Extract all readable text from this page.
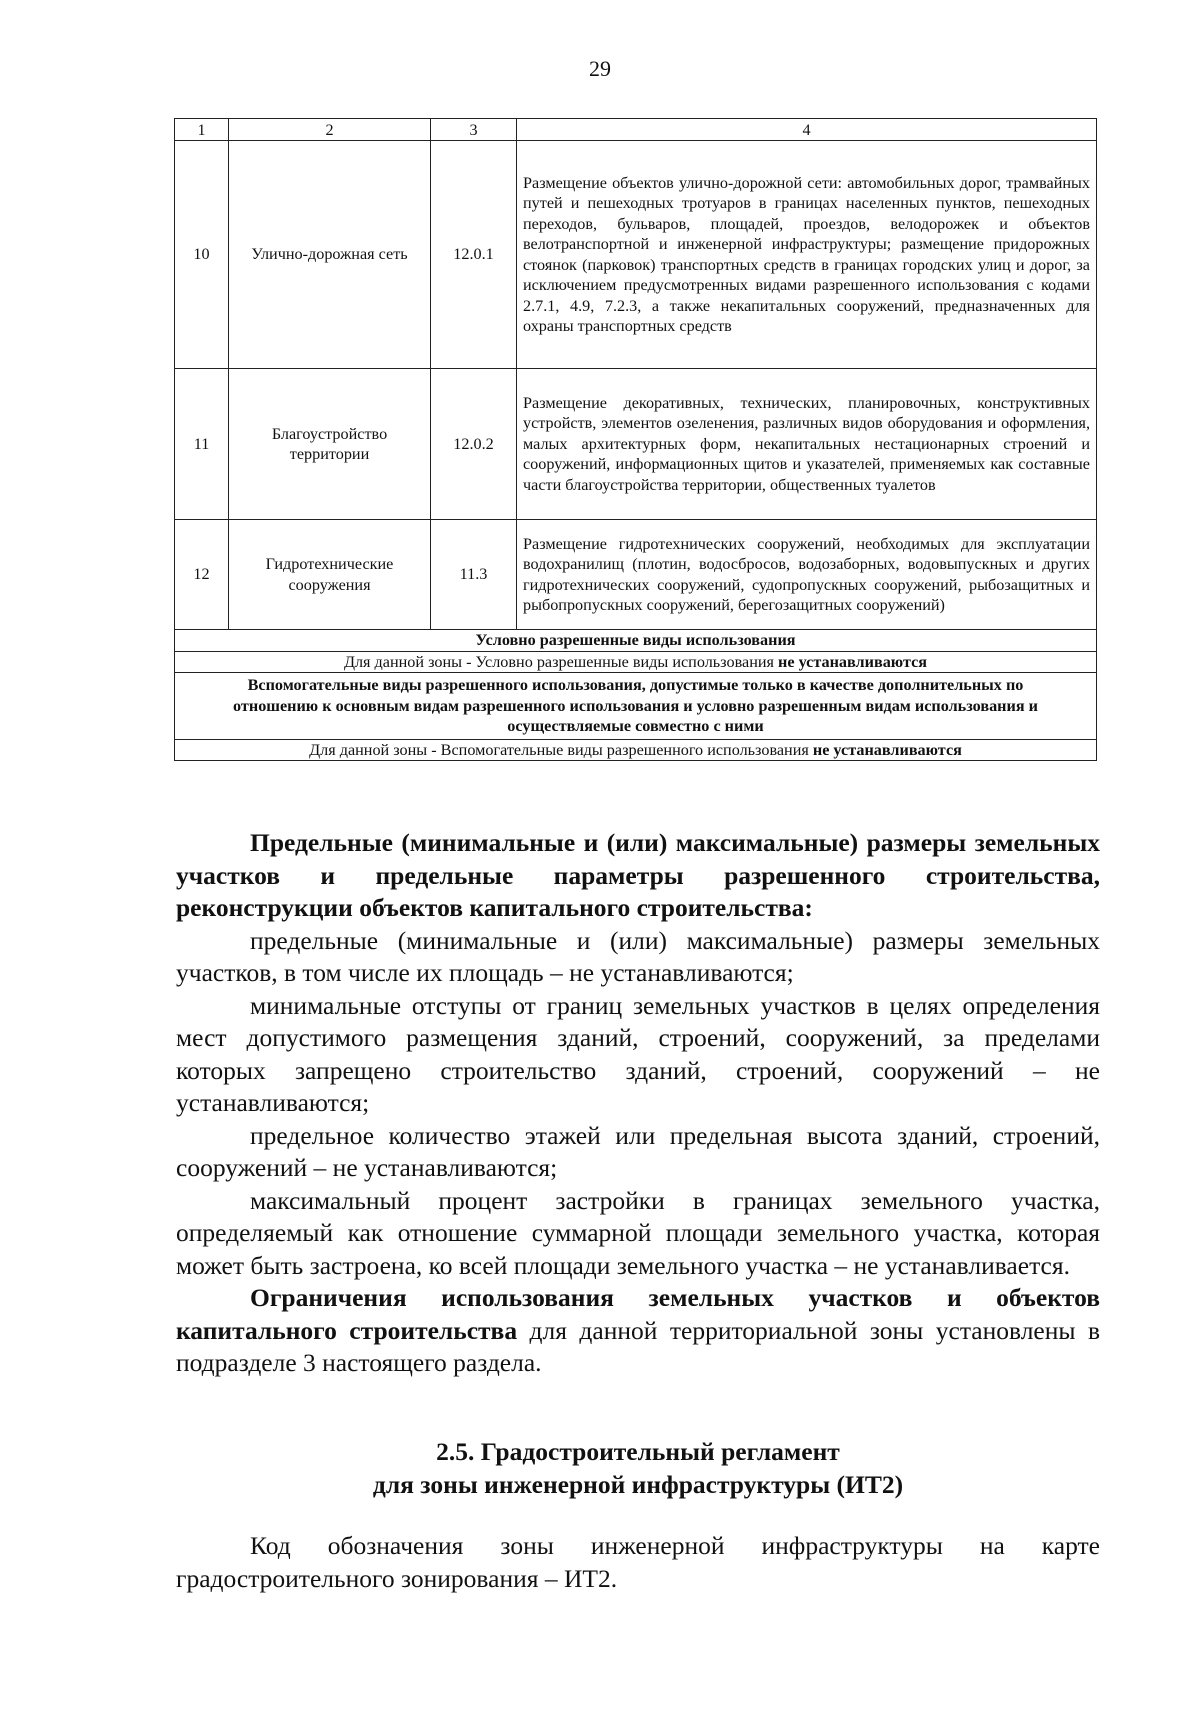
29
1	2	3	4
10	Улично-дорожная сеть	12.0.1	Размещение объектов улично-дорожной сети: автомобильных дорог, трамвайных путей и пешеходных тротуаров в границах населенных пунктов, пешеходных переходов, бульваров, площадей, проездов, велодорожек и объектов велотранспортной и инженерной инфраструктуры; размещение придорожных стоянок (парковок) транспортных средств в границах городских улиц и дорог, за исключением предусмотренных видами разрешенного использования с кодами 2.7.1, 4.9, 7.2.3, а также некапитальных сооружений, предназначенных для охраны транспортных средств
11	Благоустройство территории	12.0.2	Размещение декоративных, технических, планировочных, конструктивных устройств, элементов озеленения, различных видов оборудования и оформления, малых архитектурных форм, некапитальных нестационарных строений и сооружений, информационных щитов и указателей, применяемых как составные части благоустройства территории, общественных туалетов
12	Гидротехнические сооружения	11.3	Размещение гидротехнических сооружений, необходимых для эксплуатации водохранилищ (плотин, водосбросов, водозаборных, водовыпускных и других гидротехнических сооружений, судопропускных сооружений, рыбозащитных и рыбопропускных сооружений, берегозащитных сооружений)
Условно разрешенные виды использования			
Для данной зоны - Условно разрешенные виды использования не устанавливаются			
Вспомогательные виды разрешенного использования, допустимые только в качестве дополнительных по отношению к основным видам разрешенного использования и условно разрешенным видам использования и осуществляемые совместно с ними			
Для данной зоны - Вспомогательные виды разрешенного использования не устанавливаются			

Предельные (минимальные и (или) максимальные) размеры земельных участков и предельные параметры разрешенного строительства, реконструкции объектов капитального строительства:

предельные (минимальные и (или) максимальные) размеры земельных участков, в том числе их площадь – не устанавливаются;

минимальные отступы от границ земельных участков в целях определения мест допустимого размещения зданий, строений, сооружений, за пределами которых запрещено строительство зданий, строений, сооружений – не устанавливаются;

предельное количество этажей или предельная высота зданий, строений, сооружений – не устанавливаются;

максимальный процент застройки в границах земельного участка, определяемый как отношение суммарной площади земельного участка, которая может быть застроена, ко всей площади земельного участка – не устанавливается.

Ограничения использования земельных участков и объектов капитального строительства для данной территориальной зоны установлены в подразделе 3 настоящего раздела.

2.5. Градостроительный регламент

для зоны инженерной инфраструктуры (ИТ2)

Код обозначения зоны инженерной инфраструктуры на карте градостроительного зонирования – ИТ2.
